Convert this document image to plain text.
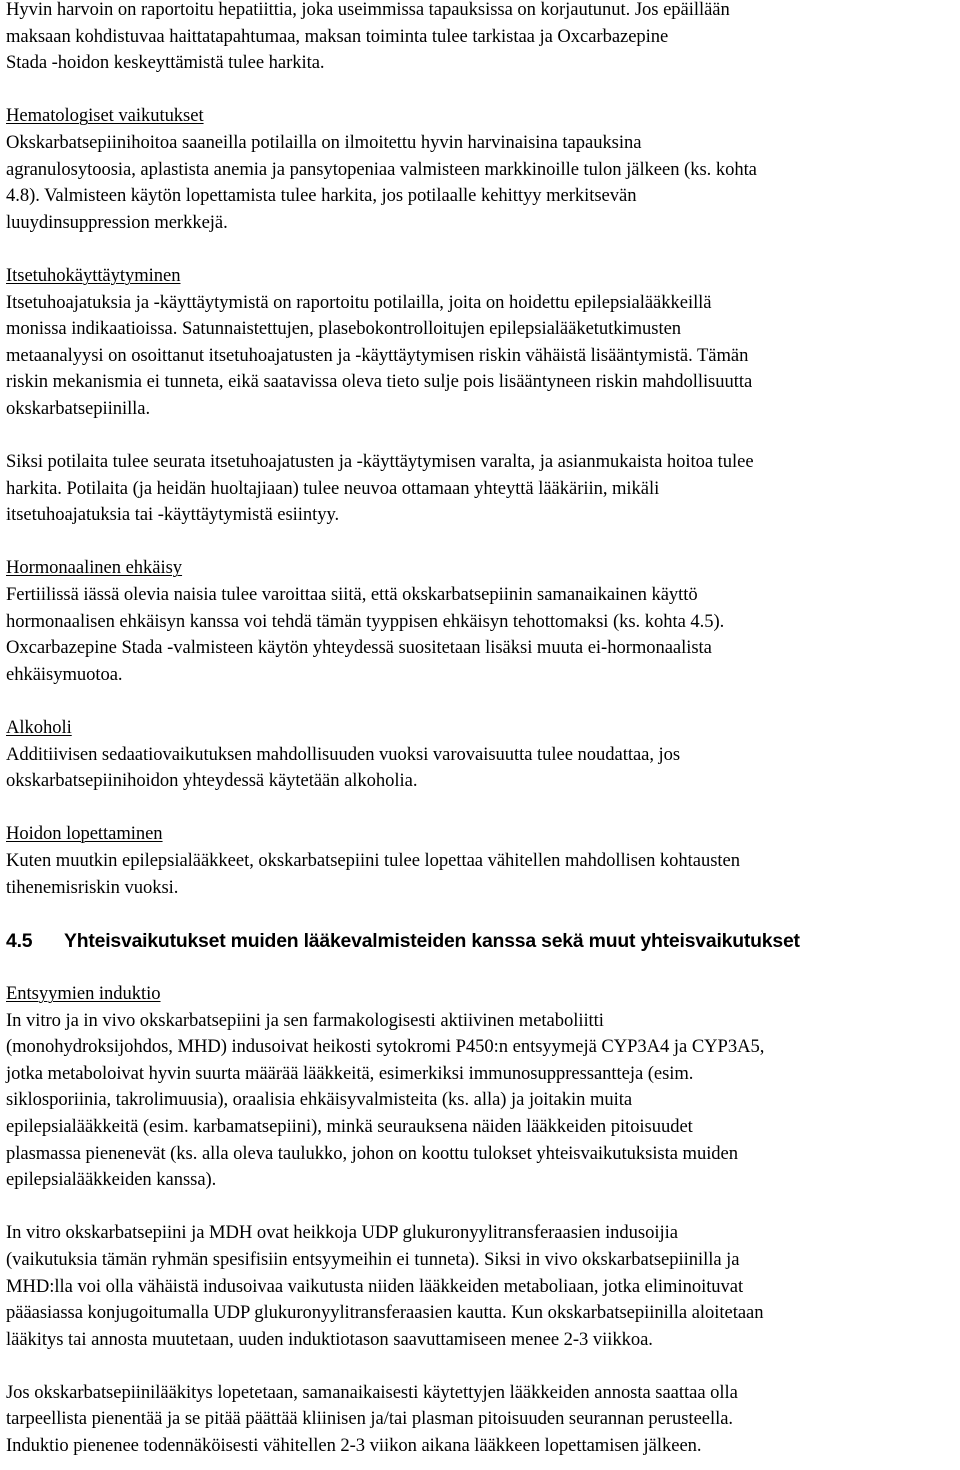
Hyvin harvoin on raportoitu hepatiittia, joka useimmissa tapauksissa on korjautunut. Jos epäillään
maksaan kohdistuvaa haittatapahtumaa, maksan toiminta tulee tarkistaa ja Oxcarbazepine
Stada -hoidon keskeyttämistä tulee harkita.
Hematologiset vaikutukset
Okskarbatsepiinihoitoa saaneilla potilailla on ilmoitettu hyvin harvinaisina tapauksina
agranulosytoosia, aplastista anemia ja pansytopeniaa valmisteen markkinoille tulon jälkeen (ks. kohta
4.8). Valmisteen käytön lopettamista tulee harkita, jos potilaalle kehittyy merkitsevän
luuydinsuppression merkkejä.
Itsetuhokäyttäytyminen
Itsetuhoajatuksia ja -käyttäytymistä on raportoitu potilailla, joita on hoidettu epilepsialääkkeillä
monissa indikaatioissa. Satunnaistettujen, plasebokontrolloitujen epilepsialääketutkimusten
metaanalyysi on osoittanut itsetuhoajatusten ja -käyttäytymisen riskin vähäistä lisääntymistä. Tämän
riskin mekanismia ei tunneta, eikä saatavissa oleva tieto sulje pois lisääntyneen riskin mahdollisuutta
okskarbatsepiinilla.
Siksi potilaita tulee seurata itsetuhoajatusten ja -käyttäytymisen varalta, ja asianmukaista hoitoa tulee
harkita. Potilaita (ja heidän huoltajiaan) tulee neuvoa ottamaan yhteyttä lääkäriin, mikäli
itsetuhoajatuksia tai -käyttäytymistä esiintyy.
Hormonaalinen ehkäisy
Fertiilissä iässä olevia naisia tulee varoittaa siitä, että okskarbatsepiinin samanaikainen käyttö
hormonaalisen ehkäisyn kanssa voi tehdä tämän tyyppisen ehkäisyn tehottomaksi (ks. kohta 4.5).
Oxcarbazepine Stada -valmisteen käytön yhteydessä suositetaan lisäksi muuta ei-hormonaalista
ehkäisymuotoa.
Alkoholi
Additiivisen sedaatiovaikutuksen mahdollisuuden vuoksi varovaisuutta tulee noudattaa, jos
okskarbatsepiinihoidon yhteydessä käytetään alkoholia.
Hoidon lopettaminen
Kuten muutkin epilepsialääkkeet, okskarbatsepiini tulee lopettaa vähitellen mahdollisen kohtausten
tihenemisriskin vuoksi.
4.5 Yhteisvaikutukset muiden lääkevalmisteiden kanssa sekä muut yhteisvaikutukset
Entsyymien induktio
In vitro ja in vivo okskarbatsepiini ja sen farmakologisesti aktiivinen metaboliitti
(monohydroksijohdos, MHD) indusoivat heikosti sytokromi P450:n entsyymejä CYP3A4 ja CYP3A5,
jotka metaboloivat hyvin suurta määrää lääkkeitä, esimerkiksi immunosuppressantteja (esim.
siklosporiinia, takrolimuusia), oraalisia ehkäisyvalmisteita (ks. alla) ja joitakin muita
epilepsialääkkeitä (esim. karbamatsepiini), minkä seurauksena näiden lääkkeiden pitoisuudet
plasmassa pienenevät (ks. alla oleva taulukko, johon on koottu tulokset yhteisvaikutuksista muiden
epilepsialääkkeiden kanssa).
In vitro okskarbatsepiini ja MDH ovat heikkoja UDP glukuronyylitransferaasien indusoijia
(vaikutuksia tämän ryhmän spesifisiin entsyymeihin ei tunneta). Siksi in vivo okskarbatsepiinilla ja
MHD:lla voi olla vähäistä indusoivaa vaikutusta niiden lääkkeiden metaboliaan, jotka eliminoituvat
pääasiassa konjugoitumalla UDP glukuronyylitransferaasien kautta. Kun okskarbatsepiinilla aloitetaan
lääkitys tai annosta muutetaan, uuden induktiotason saavuttamiseen menee 2-3 viikkoa.
Jos okskarbatsepiinilääkitys lopetetaan, samanaikaisesti käytettyjen lääkkeiden annosta saattaa olla
tarpeellista pienentää ja se pitää päättää kliinisen ja/tai plasman pitoisuuden seurannan perusteella.
Induktio pienenee todennäköisesti vähitellen 2-3 viikon aikana lääkkeen lopettamisen jälkeen.
